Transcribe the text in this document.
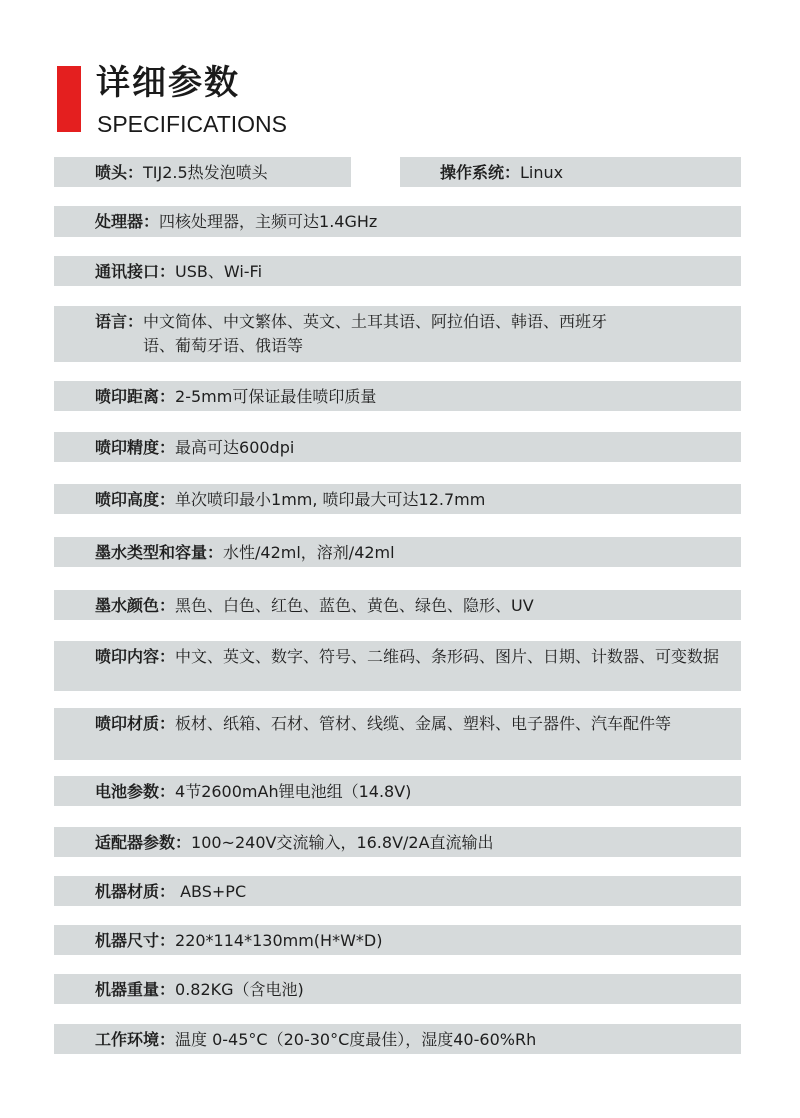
详细参数
SPECIFICATIONS
喷头：TIJ2.5热发泡喷头	操作系统：Linux
处理器：四核处理器，主频可达1.4GHz
通讯接口：USB、Wi-Fi
语言： 中文简体、中文繁体、英文、土耳其语、阿拉伯语、韩语、西班牙语、葡萄牙语、俄语等
喷印距离：2-5mm可保证最佳喷印质量
喷印精度：最高可达600dpi
喷印高度：单次喷印最小1mm, 喷印最大可达12.7mm
墨水类型和容量：水性/42ml，溶剂/42ml
墨水颜色：黑色、白色、红色、蓝色、黄色、绿色、隐形、UV
喷印内容： 中文、英文、数字、符号、二维码、条形码、图片、日期、计数器、可变数据
喷印材质： 板材、纸箱、石材、管材、线缆、金属、塑料、电子器件、汽车配件等
电池参数：4节2600mAh锂电池组（14.8V)
适配器参数：100~240V交流输入，16.8V/2A直流输出
机器材质： ABS+PC
机器尺寸：220*114*130mm(H*W*D)
机器重量：0.82KG（含电池)
工作环境：温度 0-45°C（20-30°C度最佳），湿度40-60%Rh
